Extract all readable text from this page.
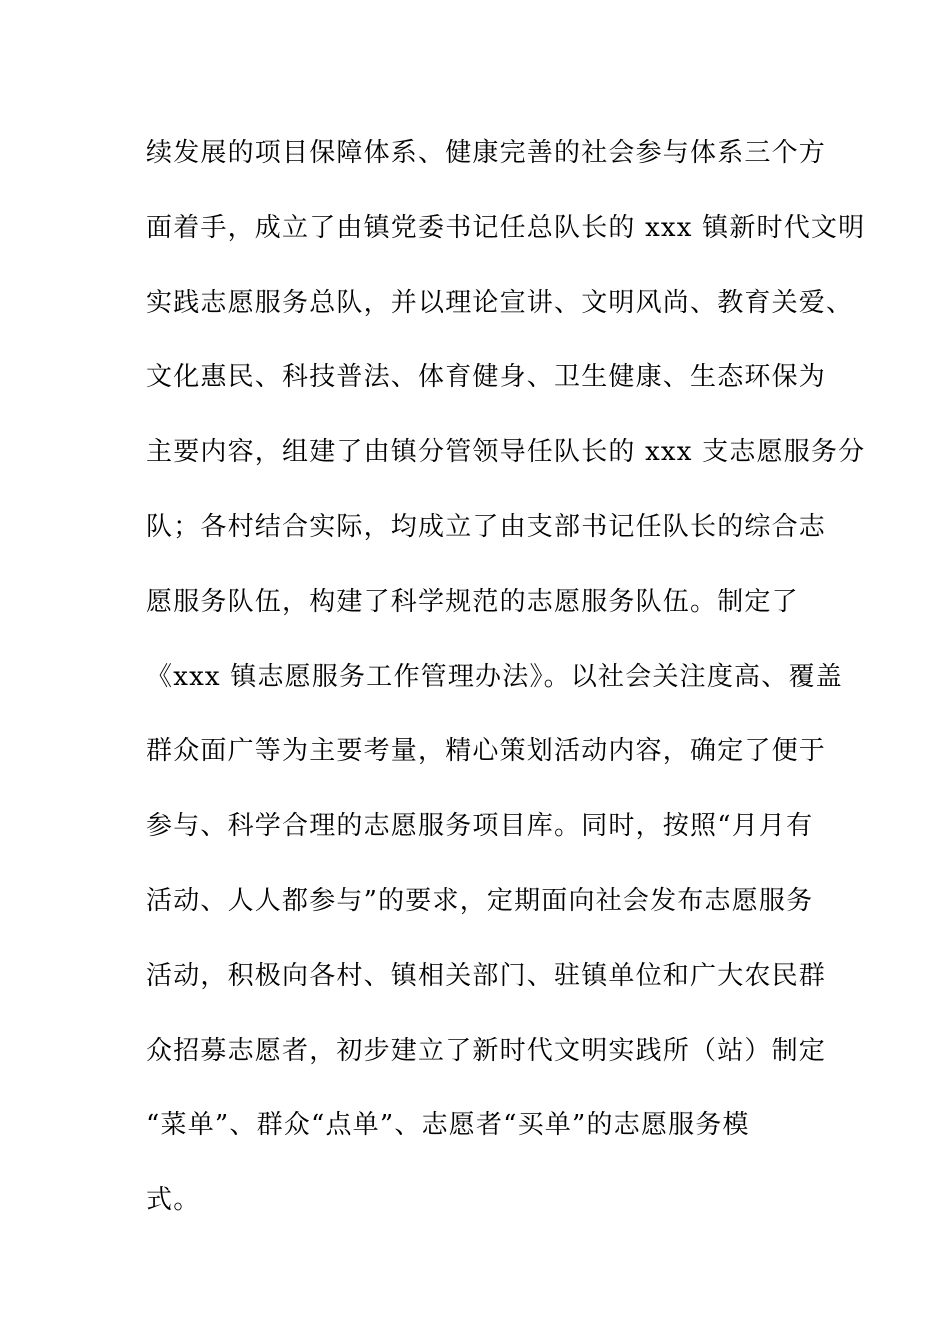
续发展的项目保障体系、健康完善的社会参与体系三个方
面着手，成立了由镇党委书记任总队长的 xxx 镇新时代文明
实践志愿服务总队，并以理论宣讲、文明风尚、教育关爱、
文化惠民、科技普法、体育健身、卫生健康、生态环保为
主要内容，组建了由镇分管领导任队长的 xxx 支志愿服务分
队；各村结合实际，均成立了由支部书记任队长的综合志
愿服务队伍，构建了科学规范的志愿服务队伍。制定了
《xxx 镇志愿服务工作管理办法》。以社会关注度高、覆盖
群众面广等为主要考量，精心策划活动内容，确定了便于
参与、科学合理的志愿服务项目库。同时，按照“月月有
活动、人人都参与”的要求，定期面向社会发布志愿服务
活动，积极向各村、镇相关部门、驻镇单位和广大农民群
众招募志愿者，初步建立了新时代文明实践所（站）制定
“菜单”、群众“点单”、志愿者“买单”的志愿服务模
式。
